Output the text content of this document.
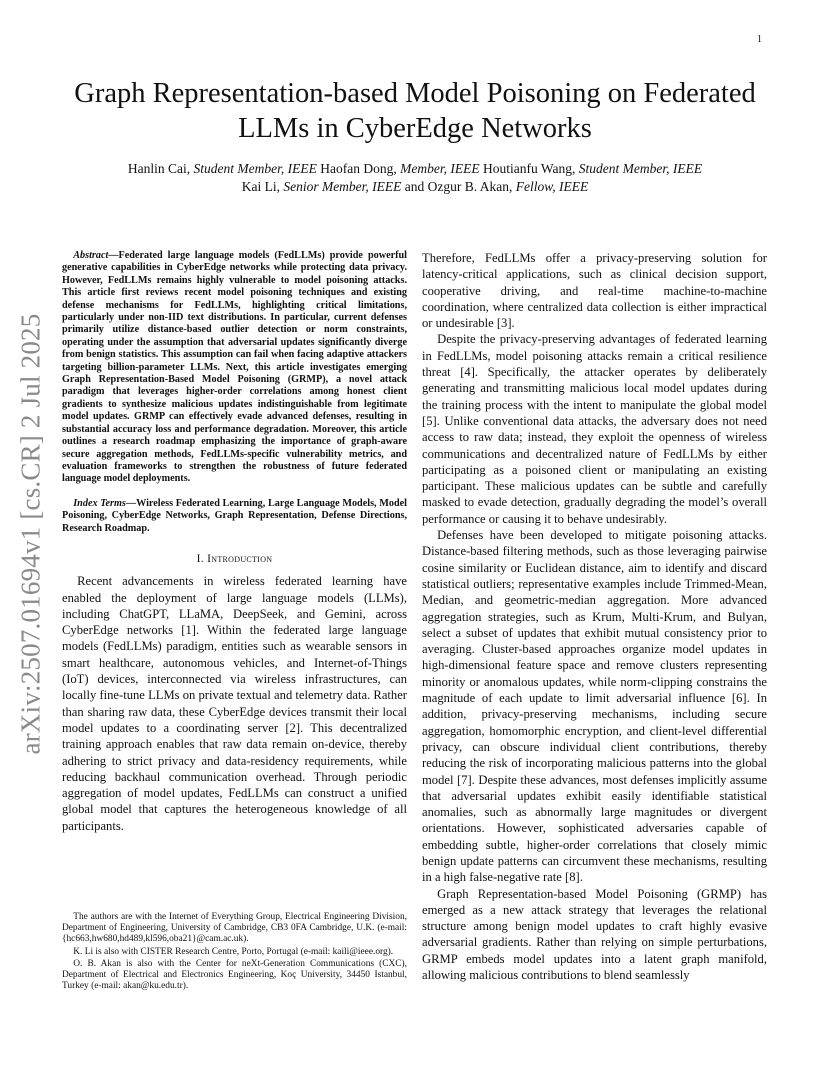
1
Graph Representation-based Model Poisoning on Federated LLMs in CyberEdge Networks
Hanlin Cai, Student Member, IEEE Haofan Dong, Member, IEEE Houtianfu Wang, Student Member, IEEE
Kai Li, Senior Member, IEEE and Ozgur B. Akan, Fellow, IEEE
arXiv:2507.01694v1 [cs.CR] 2 Jul 2025

Abstract—Federated large language models (FedLLMs) provide powerful generative capabilities in CyberEdge networks while protecting data privacy. However, FedLLMs remains highly vulnerable to model poisoning attacks. This article first reviews recent model poisoning techniques and existing defense mechanisms for FedLLMs, highlighting critical limitations, particularly under non-IID text distributions. In particular, current defenses primarily utilize distance-based outlier detection or norm constraints, operating under the assumption that adversarial updates significantly diverge from benign statistics. This assumption can fail when facing adaptive attackers targeting billion-parameter LLMs. Next, this article investigates emerging Graph Representation-Based Model Poisoning (GRMP), a novel attack paradigm that leverages higher-order correlations among honest client gradients to synthesize malicious updates indistinguishable from legitimate model updates. GRMP can effectively evade advanced defenses, resulting in substantial accuracy loss and performance degradation. Moreover, this article outlines a research roadmap emphasizing the importance of graph-aware secure aggregation methods, FedLLMs-specific vulnerability metrics, and evaluation frameworks to strengthen the robustness of future federated language model deployments.

Index Terms—Wireless Federated Learning, Large Language Models, Model Poisoning, CyberEdge Networks, Graph Representation, Defense Directions, Research Roadmap.

I. Introduction

Recent advancements in wireless federated learning have enabled the deployment of large language models (LLMs), including ChatGPT, LLaMA, DeepSeek, and Gemini, across CyberEdge networks [1]. Within the federated large language models (FedLLMs) paradigm, entities such as wearable sensors in smart healthcare, autonomous vehicles, and Internet-of-Things (IoT) devices, interconnected via wireless infrastructures, can locally fine-tune LLMs on private textual and telemetry data. Rather than sharing raw data, these CyberEdge devices transmit their local model updates to a coordinating server [2]. This decentralized training approach enables that raw data remain on-device, thereby adhering to strict privacy and data-residency requirements, while reducing backhaul communication overhead. Through periodic aggregation of model updates, FedLLMs can construct a unified global model that captures the heterogeneous knowledge of all participants.

Therefore, FedLLMs offer a privacy-preserving solution for latency-critical applications, such as clinical decision support, cooperative driving, and real-time machine-to-machine coordination, where centralized data collection is either impractical or undesirable [3].

Despite the privacy-preserving advantages of federated learning in FedLLMs, model poisoning attacks remain a critical resilience threat [4]. Specifically, the attacker operates by deliberately generating and transmitting malicious local model updates during the training process with the intent to manipulate the global model [5]. Unlike conventional data attacks, the adversary does not need access to raw data; instead, they exploit the openness of wireless communications and decentralized nature of FedLLMs by either participating as a poisoned client or manipulating an existing participant. These malicious updates can be subtle and carefully masked to evade detection, gradually degrading the model’s overall performance or causing it to behave undesirably.

Defenses have been developed to mitigate poisoning attacks. Distance-based filtering methods, such as those leveraging pairwise cosine similarity or Euclidean distance, aim to identify and discard statistical outliers; representative examples include Trimmed-Mean, Median, and geometric-median aggregation. More advanced aggregation strategies, such as Krum, Multi-Krum, and Bulyan, select a subset of updates that exhibit mutual consistency prior to averaging. Cluster-based approaches organize model updates in high-dimensional feature space and remove clusters representing minority or anomalous updates, while norm-clipping constrains the magnitude of each update to limit adversarial influence [6]. In addition, privacy-preserving mechanisms, including secure aggregation, homomorphic encryption, and client-level differential privacy, can obscure individual client contributions, thereby reducing the risk of incorporating malicious patterns into the global model [7]. Despite these advances, most defenses implicitly assume that adversarial updates exhibit easily identifiable statistical anomalies, such as abnormally large magnitudes or divergent orientations. However, sophisticated adversaries capable of embedding subtle, higher-order correlations that closely mimic benign update patterns can circumvent these mechanisms, resulting in a high false-negative rate [8].

Graph Representation-based Model Poisoning (GRMP) has emerged as a new attack strategy that leverages the relational structure among benign model updates to craft highly evasive adversarial gradients. Rather than relying on simple perturbations, GRMP embeds model updates into a latent graph manifold, allowing malicious contributions to blend seamlessly

The authors are with the Internet of Everything Group, Electrical Engineering Division, Department of Engineering, University of Cambridge, CB3 0FA Cambridge, U.K. (e-mail: {hc663,hw680,hd489,kl596,oba21}@cam.ac.uk).

K. Li is also with CISTER Research Centre, Porto, Portugal (e-mail: kaili@ieee.org).

O. B. Akan is also with the Center for neXt-Generation Communications (CXC), Department of Electrical and Electronics Engineering, Koç University, 34450 Istanbul, Turkey (e-mail: akan@ku.edu.tr).
